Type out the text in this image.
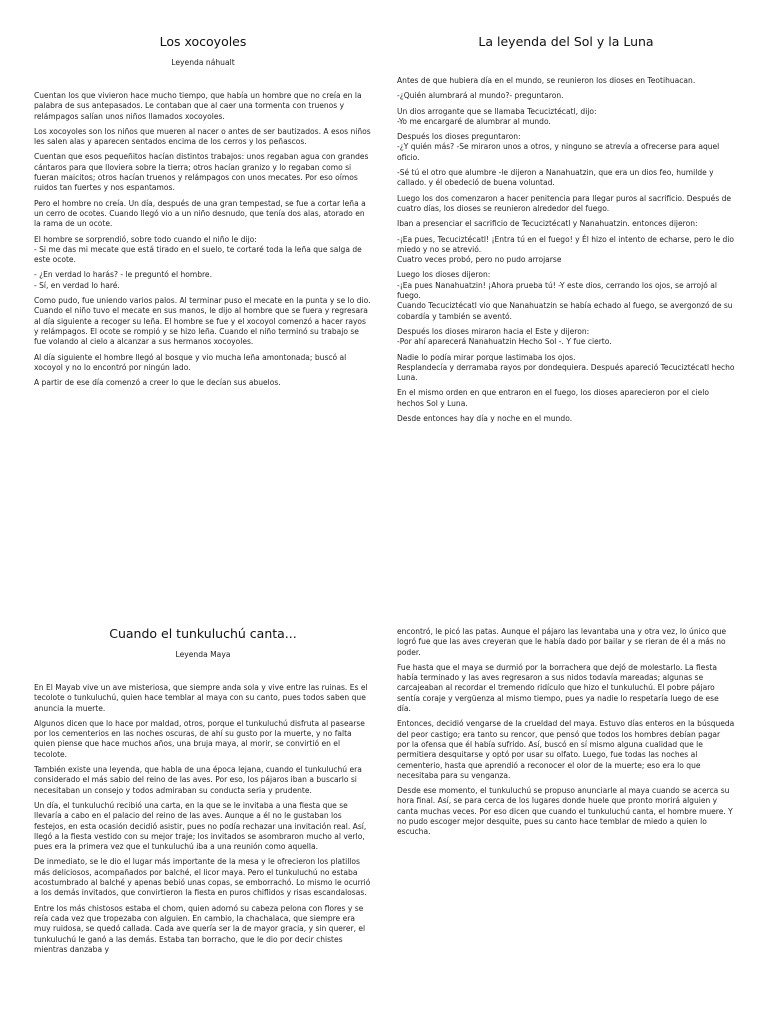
Los xocoyoles
Leyenda náhualt

Cuentan los que vivieron hace mucho tiempo, que había un hombre que no creía en la palabra de sus antepasados. Le contaban que al caer una tormenta con truenos y relámpagos salían unos niños llamados xocoyoles.

Los xocoyoles son los niños que mueren al nacer o antes de ser bautizados. A esos niños les salen alas y aparecen sentados encima de los cerros y los peñascos.

Cuentan que esos pequeñitos hacían distintos trabajos: unos regaban agua con grandes cántaros para que lloviera sobre la tierra; otros hacían granizo y lo regaban como si fueran maicitos; otros hacían truenos y relámpagos con unos mecates. Por eso oímos ruidos tan fuertes y nos espantamos.

Pero el hombre no creía. Un día, después de una gran tempestad, se fue a cortar leña a un cerro de ocotes. Cuando llegó vio a un niño desnudo, que tenía dos alas, atorado en la rama de un ocote.

El hombre se sorprendió, sobre todo cuando el niño le dijo:
- Si me das mi mecate que está tirado en el suelo, te cortaré toda la leña que salga de este ocote.

- ¿En verdad lo harás? - le preguntó el hombre.
- Sí, en verdad lo haré.

Como pudo, fue uniendo varios palos. Al terminar puso el mecate en la punta y se lo dio. Cuando el niño tuvo el mecate en sus manos, le dijo al hombre que se fuera y regresara al día siguiente a recoger su leña. El hombre se fue y el xocoyol comenzó a hacer rayos y relámpagos. El ocote se rompió y se hizo leña. Cuando el niño terminó su trabajo se fue volando al cielo a alcanzar a sus hermanos xocoyoles.

Al día siguiente el hombre llegó al bosque y vio mucha leña amontonada; buscó al xocoyol y no lo encontró por ningún lado.

A partir de ese día comenzó a creer lo que le decían sus abuelos.

La leyenda del Sol y la Luna

Antes de que hubiera día en el mundo, se reunieron los dioses en Teotihuacan.

-¿Quién alumbrará al mundo?- preguntaron.

Un dios arrogante que se llamaba Tecuciztécatl, dijo:
-Yo me encargaré de alumbrar al mundo.

Después los dioses preguntaron:
-¿Y quién más? -Se miraron unos a otros, y ninguno se atrevía a ofrecerse para aquel oficio.

-Sé tú el otro que alumbre -le dijeron a Nanahuatzin, que era un dios feo, humilde y callado. y él obedeció de buena voluntad.

Luego los dos comenzaron a hacer penitencia para llegar puros al sacrificio. Después de cuatro días, los dioses se reunieron alrededor del fuego.

Iban a presenciar el sacrificio de Tecuciztécatl y Nanahuatzin. entonces dijeron:

-¡Ea pues, Tecuciztécatl! ¡Entra tú en el fuego! y Él hizo el intento de echarse, pero le dio miedo y no se atrevió.
Cuatro veces probó, pero no pudo arrojarse

Luego los dioses dijeron:
-¡Ea pues Nanahuatzin! ¡Ahora prueba tú! -Y este dios, cerrando los ojos, se arrojó al fuego.
Cuando Tecuciztécatl vio que Nanahuatzin se había echado al fuego, se avergonzó de su cobardía y también se aventó.

Después los dioses miraron hacia el Este y dijeron:
-Por ahí aparecerá Nanahuatzin Hecho Sol -. Y fue cierto.

Nadie lo podía mirar porque lastimaba los ojos.
Resplandecía y derramaba rayos por dondequiera. Después apareció Tecuciztécatl hecho Luna.

En el mismo orden en que entraron en el fuego, los dioses aparecieron por el cielo hechos Sol y Luna.

Desde entonces hay día y noche en el mundo.

Cuando el tunkuluchú canta...
Leyenda Maya

En El Mayab vive un ave misteriosa, que siempre anda sola y vive entre las ruinas. Es el tecolote o tunkuluchú, quien hace temblar al maya con su canto, pues todos saben que anuncia la muerte.

Algunos dicen que lo hace por maldad, otros, porque el tunkuluchú disfruta al pasearse por los cementerios en las noches oscuras, de ahí su gusto por la muerte, y no falta quien piense que hace muchos años, una bruja maya, al morir, se convirtió en el tecolote.

También existe una leyenda, que habla de una época lejana, cuando el tunkuluchú era considerado el más sabio del reino de las aves. Por eso, los pájaros iban a buscarlo si necesitaban un consejo y todos admiraban su conducta seria y prudente.

Un día, el tunkuluchú recibió una carta, en la que se le invitaba a una fiesta que se llevaría a cabo en el palacio del reino de las aves. Aunque a él no le gustaban los festejos, en esta ocasión decidió asistir, pues no podía rechazar una invitación real. Así, llegó a la fiesta vestido con su mejor traje; los invitados se asombraron mucho al verlo, pues era la primera vez que el tunkuluchú iba a una reunión como aquella.

De inmediato, se le dio el lugar más importante de la mesa y le ofrecieron los platillos más deliciosos, acompañados por balché, el licor maya. Pero el tunkuluchú no estaba acostumbrado al balché y apenas bebió unas copas, se emborrachó. Lo mismo le ocurrió a los demás invitados, que convirtieron la fiesta en puros chiflidos y risas escandalosas.

Entre los más chistosos estaba el chom, quien adornó su cabeza pelona con flores y se reía cada vez que tropezaba con alguien. En cambio, la chachalaca, que siempre era muy ruidosa, se quedó callada. Cada ave quería ser la de mayor gracia, y sin querer, el tunkuluchú le ganó a las demás. Estaba tan borracho, que le dio por decir chistes mientras danzaba y

encontró, le picó las patas. Aunque el pájaro las levantaba una y otra vez, lo único que logró fue que las aves creyeran que le había dado por bailar y se rieran de él a más no poder.

Fue hasta que el maya se durmió por la borrachera que dejó de molestarlo. La fiesta había terminado y las aves regresaron a sus nidos todavía mareadas; algunas se carcajeaban al recordar el tremendo ridículo que hizo el tunkuluchú. El pobre pájaro sentía coraje y vergüenza al mismo tiempo, pues ya nadie lo respetaría luego de ese día.

Entonces, decidió vengarse de la crueldad del maya. Estuvo días enteros en la búsqueda del peor castigo; era tanto su rencor, que pensó que todos los hombres debían pagar por la ofensa que él había sufrido. Así, buscó en sí mismo alguna cualidad que le permitiera desquitarse y optó por usar su olfato. Luego, fue todas las noches al cementerio, hasta que aprendió a reconocer el olor de la muerte; eso era lo que necesitaba para su venganza.

Desde ese momento, el tunkuluchú se propuso anunciarle al maya cuando se acerca su hora final. Así, se para cerca de los lugares donde huele que pronto morirá alguien y canta muchas veces. Por eso dicen que cuando el tunkuluchú canta, el hombre muere. Y no pudo escoger mejor desquite, pues su canto hace temblar de miedo a quien lo escucha.
